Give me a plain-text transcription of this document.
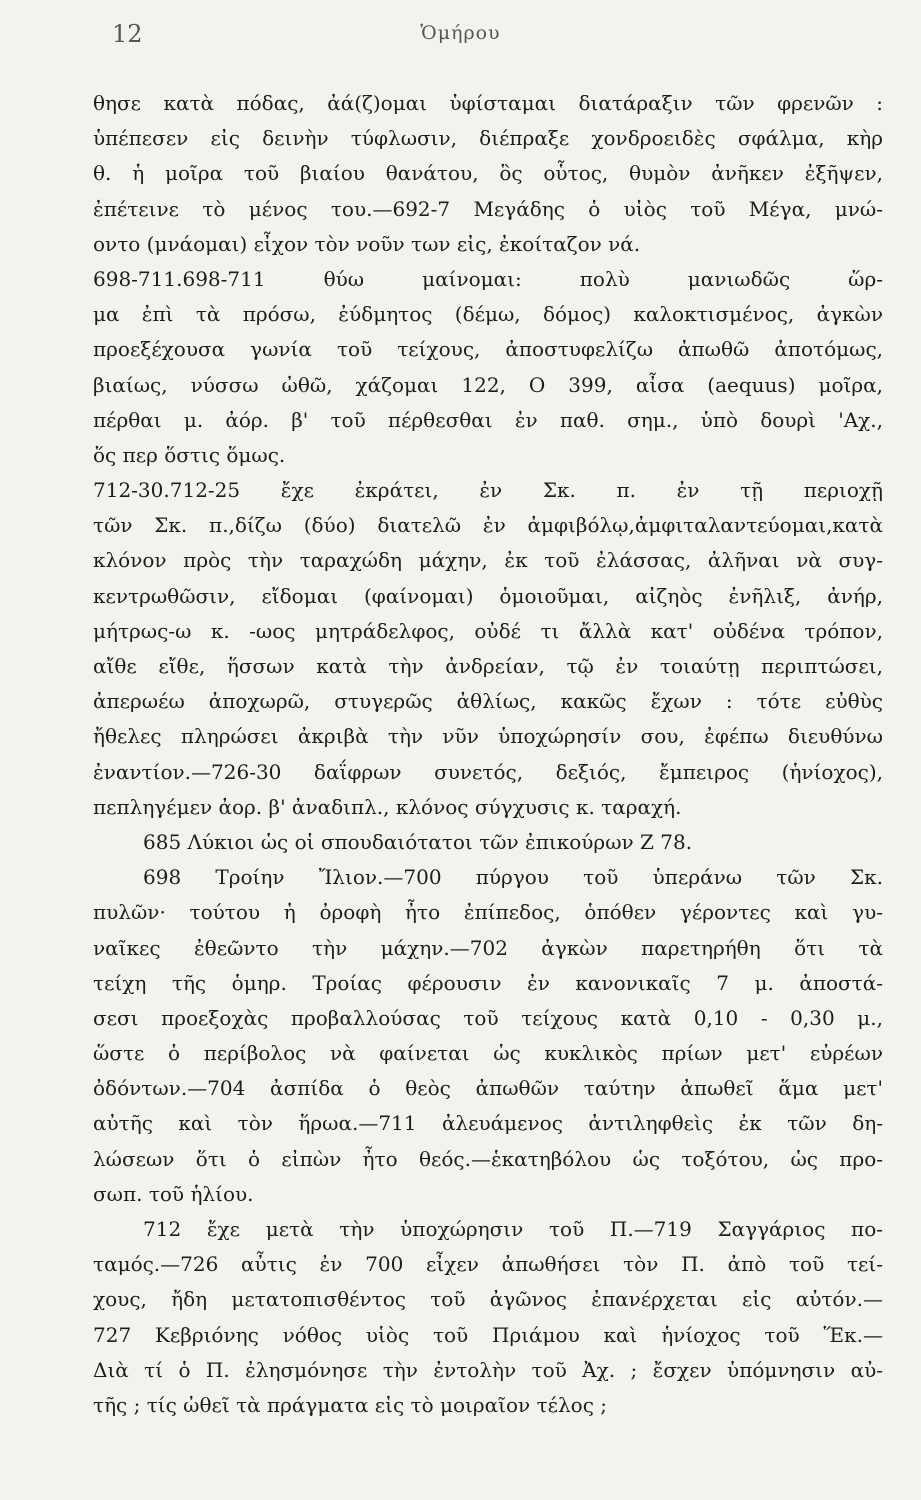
12	Ὁμήρου
θησε κατὰ πόδας, ἀά(ζ)ομαι ὑφίσταμαι διατάραξιν τῶν φρενῶν :
ὑπέπεσεν εἰς δεινὴν τύφλωσιν, διέπραξε χονδροειδὲς σφάλμα, κὴρ
θ. ἡ μοῖρα τοῦ βιαίου θανάτου, ὃς οὗτος, θυμὸν ἀνῆκεν ἐξῆψεν,
ἐπέτεινε τὸ μένος του.—692-7 Μεγάδης ὁ υἱὸς τοῦ Μέγα, μνώ-
οντο (μνάομαι) εἶχον τὸν νοῦν των εἰς, ἐκοίταζον νά.
698-711.698-711 θύω μαίνομαι: πολὺ μανιωδῶς ὥρ-
μα ἐπὶ τὰ πρόσω, ἐύδμητος (δέμω, δόμος) καλοκτισμένος, ἀγκὼν
προεξέχουσα γωνία τοῦ τείχους, ἀποστυφελίζω ἀπωθῶ ἀποτόμως,
βιαίως, νύσσω ὠθῶ, χάζομαι 122, Ο 399, αἶσα (aequus) μοῖρα,
πέρθαι μ. ἀόρ. β' τοῦ πέρθεσθαι ἐν παθ. σημ., ὑπὸ δουρὶ 'Αχ.,
ὅς περ ὅστις ὅμως.
712-30.712-25 ἔχε ἐκράτει, ἐν Σκ. π. ἐν τῇ περιοχῇ
τῶν Σκ. π.,δίζω (δύο) διατελῶ ἐν ἀμφιβόλῳ,ἀμφιταλαντεύομαι,κατὰ
κλόνον πρὸς τὴν ταραχώδη μάχην, ἐκ τοῦ ἐλάσσας, ἀλῆναι νὰ συγ-
κεντρωθῶσιν, εἴδομαι (φαίνομαι) ὁμοιοῦμαι, αἰζηὸς ἐνῆλιξ, ἀνήρ,
μήτρως-ω κ. -ωος μητράδελφος, οὐδέ τι ἄλλὰ κατ' οὐδένα τρόπον,
αἴθε εἴθε, ἥσσων κατὰ τὴν ἀνδρείαν, τῷ ἐν τοιαύτῃ περιπτώσει,
ἀπερωέω ἀποχωρῶ, στυγερῶς ἀθλίως, κακῶς ἔχων : τότε εὐθὺς
ἤθελες πληρώσει ἀκριβὰ τὴν νῦν ὑποχώρησίν σου, ἐφέπω διευθύνω
ἐναντίον.—726-30 δαΐφρων συνετός, δεξιός, ἔμπειρος (ἡνίοχος),
πεπληγέμεν ἀορ. β' ἀναδιπλ., κλόνος σύγχυσις κ. ταραχή.
685 Λύκιοι ὡς οἱ σπουδαιότατοι τῶν ἐπικούρων Ζ 78.
698 Τροίην Ἴλιον.—700 πύργου τοῦ ὑπεράνω τῶν Σκ.
πυλῶν· τούτου ἡ ὀροφὴ ἦτο ἐπίπεδος, ὁπόθεν γέροντες καὶ γυ-
ναῖκες ἐθεῶντο τὴν μάχην.—702 ἀγκὼν παρετηρήθη ὅτι τὰ
τείχη τῆς ὁμηρ. Τροίας φέρουσιν ἐν κανονικαῖς 7 μ. ἀποστά-
σεσι προεξοχὰς προβαλλούσας τοῦ τείχους κατὰ 0,10 - 0,30 μ.,
ὥστε ὁ περίβολος νὰ φαίνεται ὡς κυκλικὸς πρίων μετ' εὐρέων
ὀδόντων.—704 ἀσπίδα ὁ θεὸς ἀπωθῶν ταύτην ἀπωθεῖ ἅμα μετ'
αὐτῆς καὶ τὸν ἥρωα.—711 ἀλευάμενος ἀντιληφθεὶς ἐκ τῶν δη-
λώσεων ὅτι ὁ εἰπὼν ἦτο θεός.—ἑκατηβόλου ὡς τοξότου, ὡς προ-
σωπ. τοῦ ἡλίου.
712 ἔχε μετὰ τὴν ὑποχώρησιν τοῦ Π.—719 Σαγγάριος πο-
ταμός.—726 αὖτις ἐν 700 εἶχεν ἀπωθήσει τὸν Π. ἀπὸ τοῦ τεί-
χους, ἤδη μετατοπισθέντος τοῦ ἀγῶνος ἐπανέρχεται εἰς αὐτόν.—
727 Κεβριόνης νόθος υἱὸς τοῦ Πριάμου καὶ ἡνίοχος τοῦ Ἕκ.—
Διὰ τί ὁ Π. ἐλησμόνησε τὴν ἐντολὴν τοῦ Ἀχ. ; ἔσχεν ὑπόμνησιν αὐ-
τῆς ; τίς ὠθεῖ τὰ πράγματα εἰς τὸ μοιραῖον τέλος ;
